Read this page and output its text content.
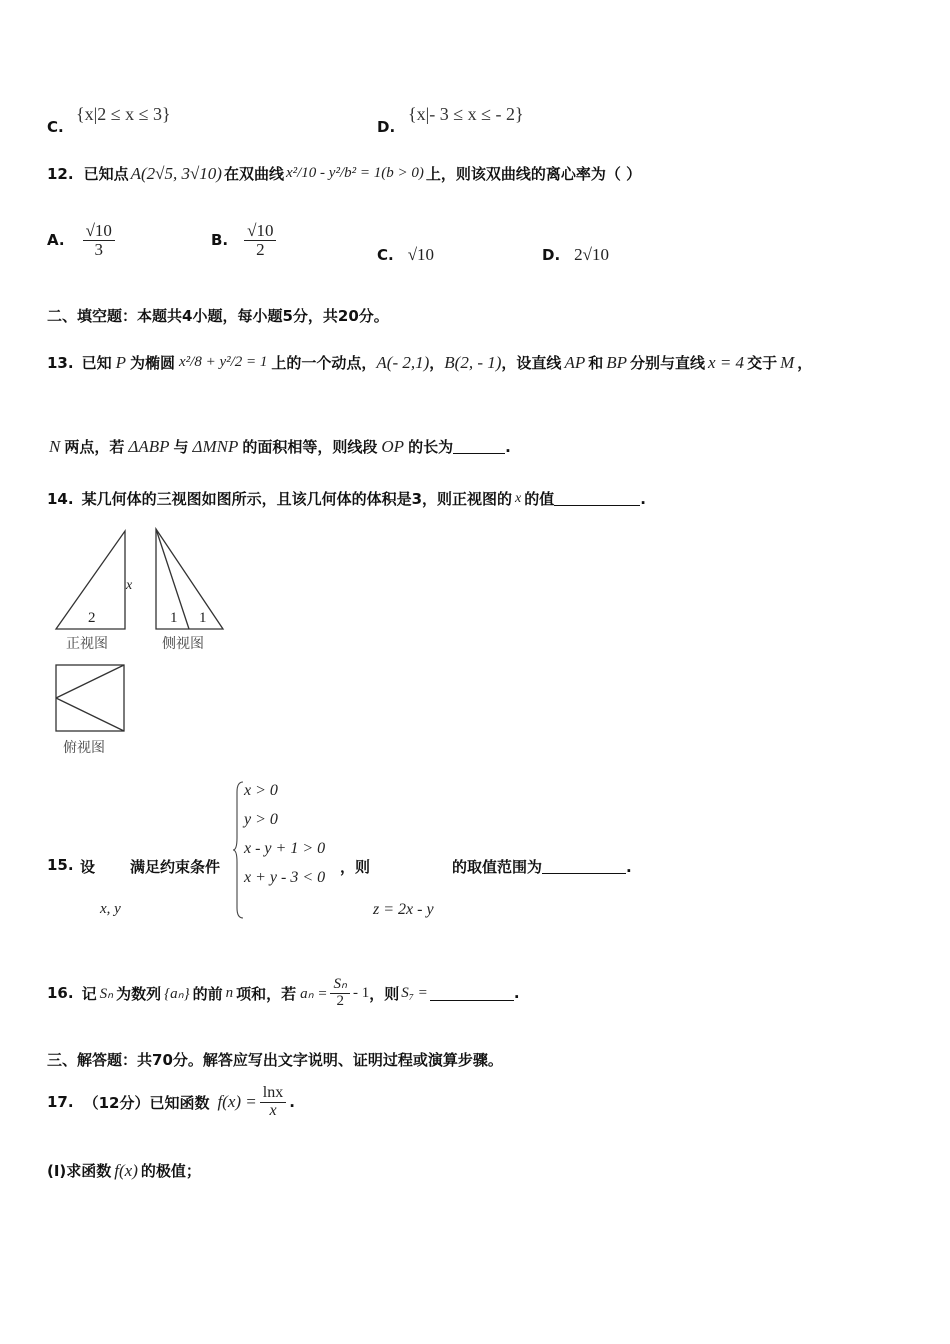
C.
{x|2 ≤ x ≤ 3}
D.
{x|- 3 ≤ x ≤ - 2}
12. 已知点 A(2√5, 3√10) 在双曲线 x²/10 - y²/b² = 1(b > 0) 上，则该双曲线的离心率为（ ）
A. $\frac{√10}{3}$	B. $\frac{√10}{2}$	C. √10	D. 2√10
二、填空题：本题共4小题，每小题5分，共20分。
13. 已知 P 为椭圆 x²/8 + y²/2 = 1 上的一个动点， A(- 2,1) ， B(2, - 1) ，设直线 AP 和 BP 分别与直线 x = 4 交于 M ，
N 两点，若 ΔABP 与 ΔMNP 的面积相等，则线段 OP 的长为	.
14. 某几何体的三视图如图所示，且该几何体的体积是3，则正视图的 x 的值	.
x
2	1 1
正视图	侧视图
俯视图
15. 设 满足约束条件
x, y
x > 0
y > 0
x - y + 1 > 0
x + y - 3 < 0
，则
z = 2x - y
的取值范围为	.
16. 记 Sₙ 为数列 {aₙ} 的前 n 项和，若 $a_n = \frac{\text{Sₙ}}{2} - 1$ ，则 S₇ =	.
三、解答题：共70分。解答应写出文字说明、证明过程或演算步骤。
17. （12分）已知函数 $f(x) = \frac{\ln x}{x}$ .
(I)求函数 f(x) 的极值；
